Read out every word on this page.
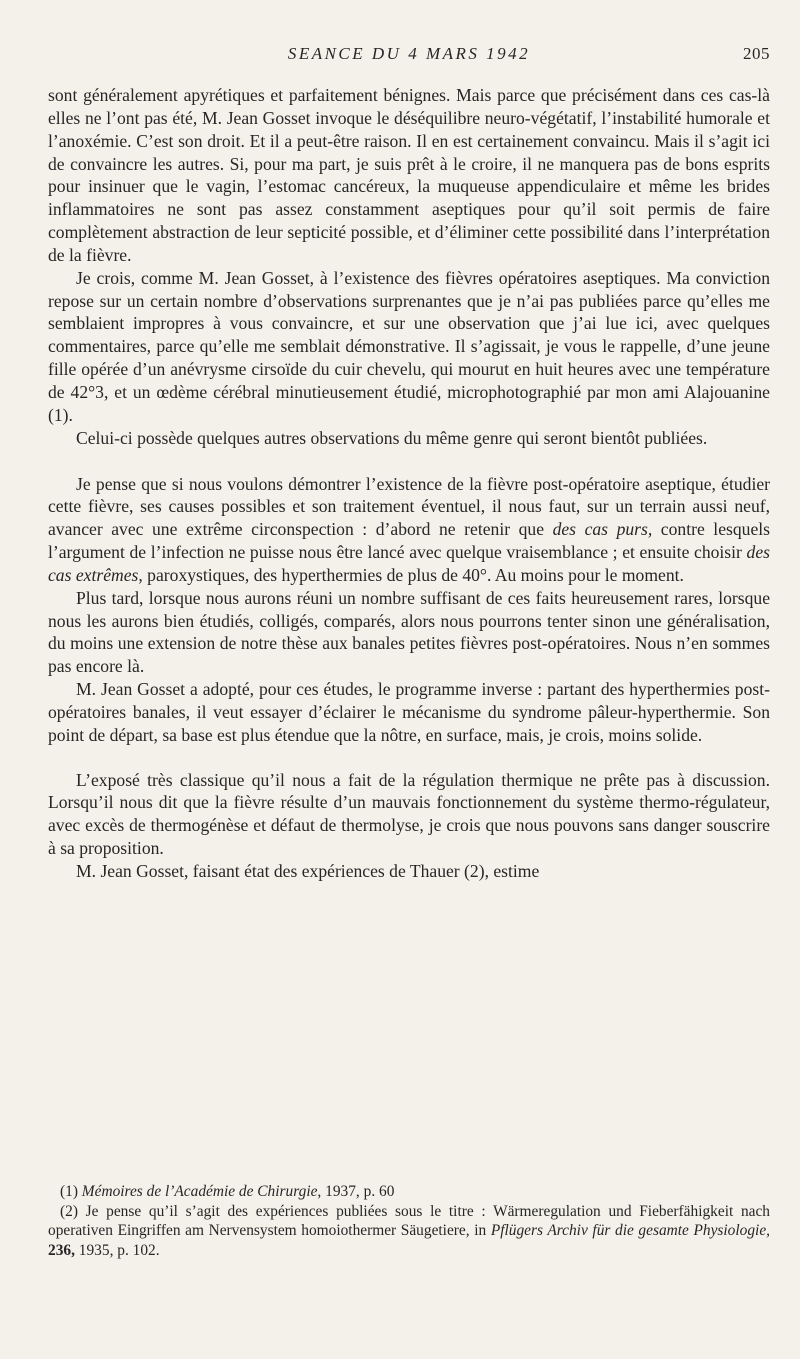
SEANCE DU 4 MARS 1942	205

sont généralement apyrétiques et parfaitement bénignes. Mais parce que précisément dans ces cas-là elles ne l’ont pas été, M. Jean Gosset invoque le déséquilibre neuro-végétatif, l’instabilité humorale et l’anoxémie. C’est son droit. Et il a peut-être raison. Il en est certainement convaincu. Mais il s’agit ici de convaincre les autres. Si, pour ma part, je suis prêt à le croire, il ne manquera pas de bons esprits pour insinuer que le vagin, l’estomac cancéreux, la muqueuse appendiculaire et même les brides inflammatoires ne sont pas assez constamment aseptiques pour qu’il soit permis de faire complètement abstraction de leur septicité possible, et d’éliminer cette possibilité dans l’interprétation de la fièvre.

Je crois, comme M. Jean Gosset, à l’existence des fièvres opératoires aseptiques. Ma conviction repose sur un certain nombre d’observations surprenantes que je n’ai pas publiées parce qu’elles me semblaient impropres à vous convaincre, et sur une observation que j’ai lue ici, avec quelques commentaires, parce qu’elle me semblait démonstrative. Il s’agissait, je vous le rappelle, d’une jeune fille opérée d’un anévrysme cirsoïde du cuir chevelu, qui mourut en huit heures avec une température de 42°3, et un œdème cérébral minutieusement étudié, microphotographié par mon ami Alajouanine (1).

Celui-ci possède quelques autres observations du même genre qui seront bientôt publiées.

Je pense que si nous voulons démontrer l’existence de la fièvre post-opératoire aseptique, étudier cette fièvre, ses causes possibles et son traitement éventuel, il nous faut, sur un terrain aussi neuf, avancer avec une extrême circonspection : d’abord ne retenir que des cas purs, contre lesquels l’argument de l’infection ne puisse nous être lancé avec quelque vraisemblance ; et ensuite choisir des cas extrêmes, paroxystiques, des hyperthermies de plus de 40°. Au moins pour le moment.

Plus tard, lorsque nous aurons réuni un nombre suffisant de ces faits heureusement rares, lorsque nous les aurons bien étudiés, colligés, comparés, alors nous pourrons tenter sinon une généralisation, du moins une extension de notre thèse aux banales petites fièvres post-opératoires. Nous n’en sommes pas encore là.

M. Jean Gosset a adopté, pour ces études, le programme inverse : partant des hyperthermies post-opératoires banales, il veut essayer d’éclairer le mécanisme du syndrome pâleur-hyperthermie. Son point de départ, sa base est plus étendue que la nôtre, en surface, mais, je crois, moins solide.

L’exposé très classique qu’il nous a fait de la régulation thermique ne prête pas à discussion. Lorsqu’il nous dit que la fièvre résulte d’un mauvais fonctionnement du système thermo-régulateur, avec excès de thermogénèse et défaut de thermolyse, je crois que nous pouvons sans danger souscrire à sa proposition.

M. Jean Gosset, faisant état des expériences de Thauer (2), estime

(1) Mémoires de l’Académie de Chirurgie, 1937, p. 60

(2) Je pense qu’il s’agit des expériences publiées sous le titre : Wärmeregulation und Fieberfähigkeit nach operativen Eingriffen am Nervensystem homoiothermer Säugetiere, in Pflügers Archiv für die gesamte Physiologie, 236, 1935, p. 102.
